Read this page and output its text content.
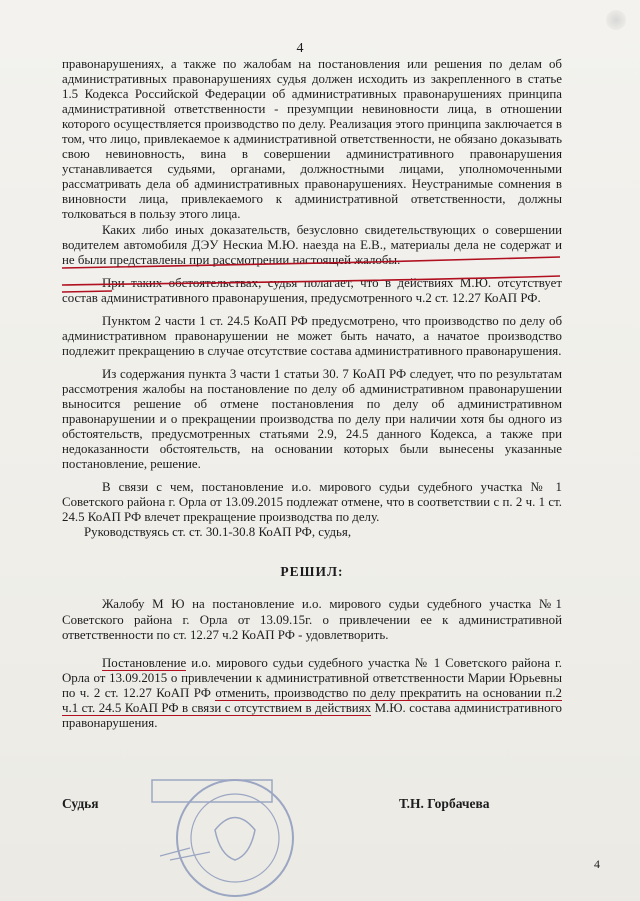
4

правонарушениях, а также по жалобам на постановления или решения по делам об административных правонарушениях судья должен исходить из закрепленного в статье 1.5 Кодекса Российской Федерации об административных правонарушениях принципа административной ответственности - презумпции невиновности лица, в отношении которого осуществляется производство по делу. Реализация этого принципа заключается в том, что лицо, привлекаемое к административной ответственности, не обязано доказывать свою невиновность, вина в совершении административного правонарушения устанавливается судьями, органами, должностными лицами, уполномоченными рассматривать дела об административных правонарушениях. Неустранимые сомнения в виновности лица, привлекаемого к административной ответственности, должны толковаться в пользу этого лица.

Каких либо иных доказательств, безусловно свидетельствующих о совершении водителем автомобиля ДЭУ Нескиа М.Ю. наезда на Е.В., материалы дела не содержат и не были представлены при рассмотрении настоящей жалобы.

При таких обстоятельствах, судья полагает, что в действиях М.Ю. отсутствует состав административного правонарушения, предусмотренного ч.2 ст. 12.27 КоАП РФ.

Пунктом 2 части 1 ст. 24.5 КоАП РФ предусмотрено, что производство по делу об административном правонарушении не может быть начато, а начатое производство подлежит прекращению в случае отсутствие состава административного правонарушения.

Из содержания пункта 3 части 1 статьи 30. 7 КоАП РФ следует, что по результатам рассмотрения жалобы на постановление по делу об административном правонарушении выносится решение об отмене постановления по делу об административном правонарушении и о прекращении производства по делу при наличии хотя бы одного из обстоятельств, предусмотренных статьями 2.9, 24.5 данного Кодекса, а также при недоказанности обстоятельств, на основании которых были вынесены указанные постановление, решение.

В связи с чем, постановление и.о. мирового судьи судебного участка № 1 Советского района г. Орла от 13.09.2015 подлежат отмене, что в соответствии с п. 2 ч. 1 ст. 24.5 КоАП РФ влечет прекращение производства по делу.

Руководствуясь ст. ст. 30.1-30.8 КоАП РФ, судья,

РЕШИЛ:

Жалобу М Ю на постановление и.о. мирового судьи судебного участка №1 Советского района г. Орла от 13.09.15г. о привлечении ее к административной ответственности по ст. 12.27 ч.2 КоАП РФ - удовлетворить.

Постановление и.о. мирового судьи судебного участка № 1 Советского района г. Орла от 13.09.2015 о привлечении к административной ответственности Марии Юрьевны по ч. 2 ст. 12.27 КоАП РФ отменить, производство по делу прекратить на основании п.2 ч.1 ст. 24.5 КоАП РФ в связи с отсутствием в действиях М.Ю. состава административного правонарушения.

Судья	Т.Н. Горбачева
4
